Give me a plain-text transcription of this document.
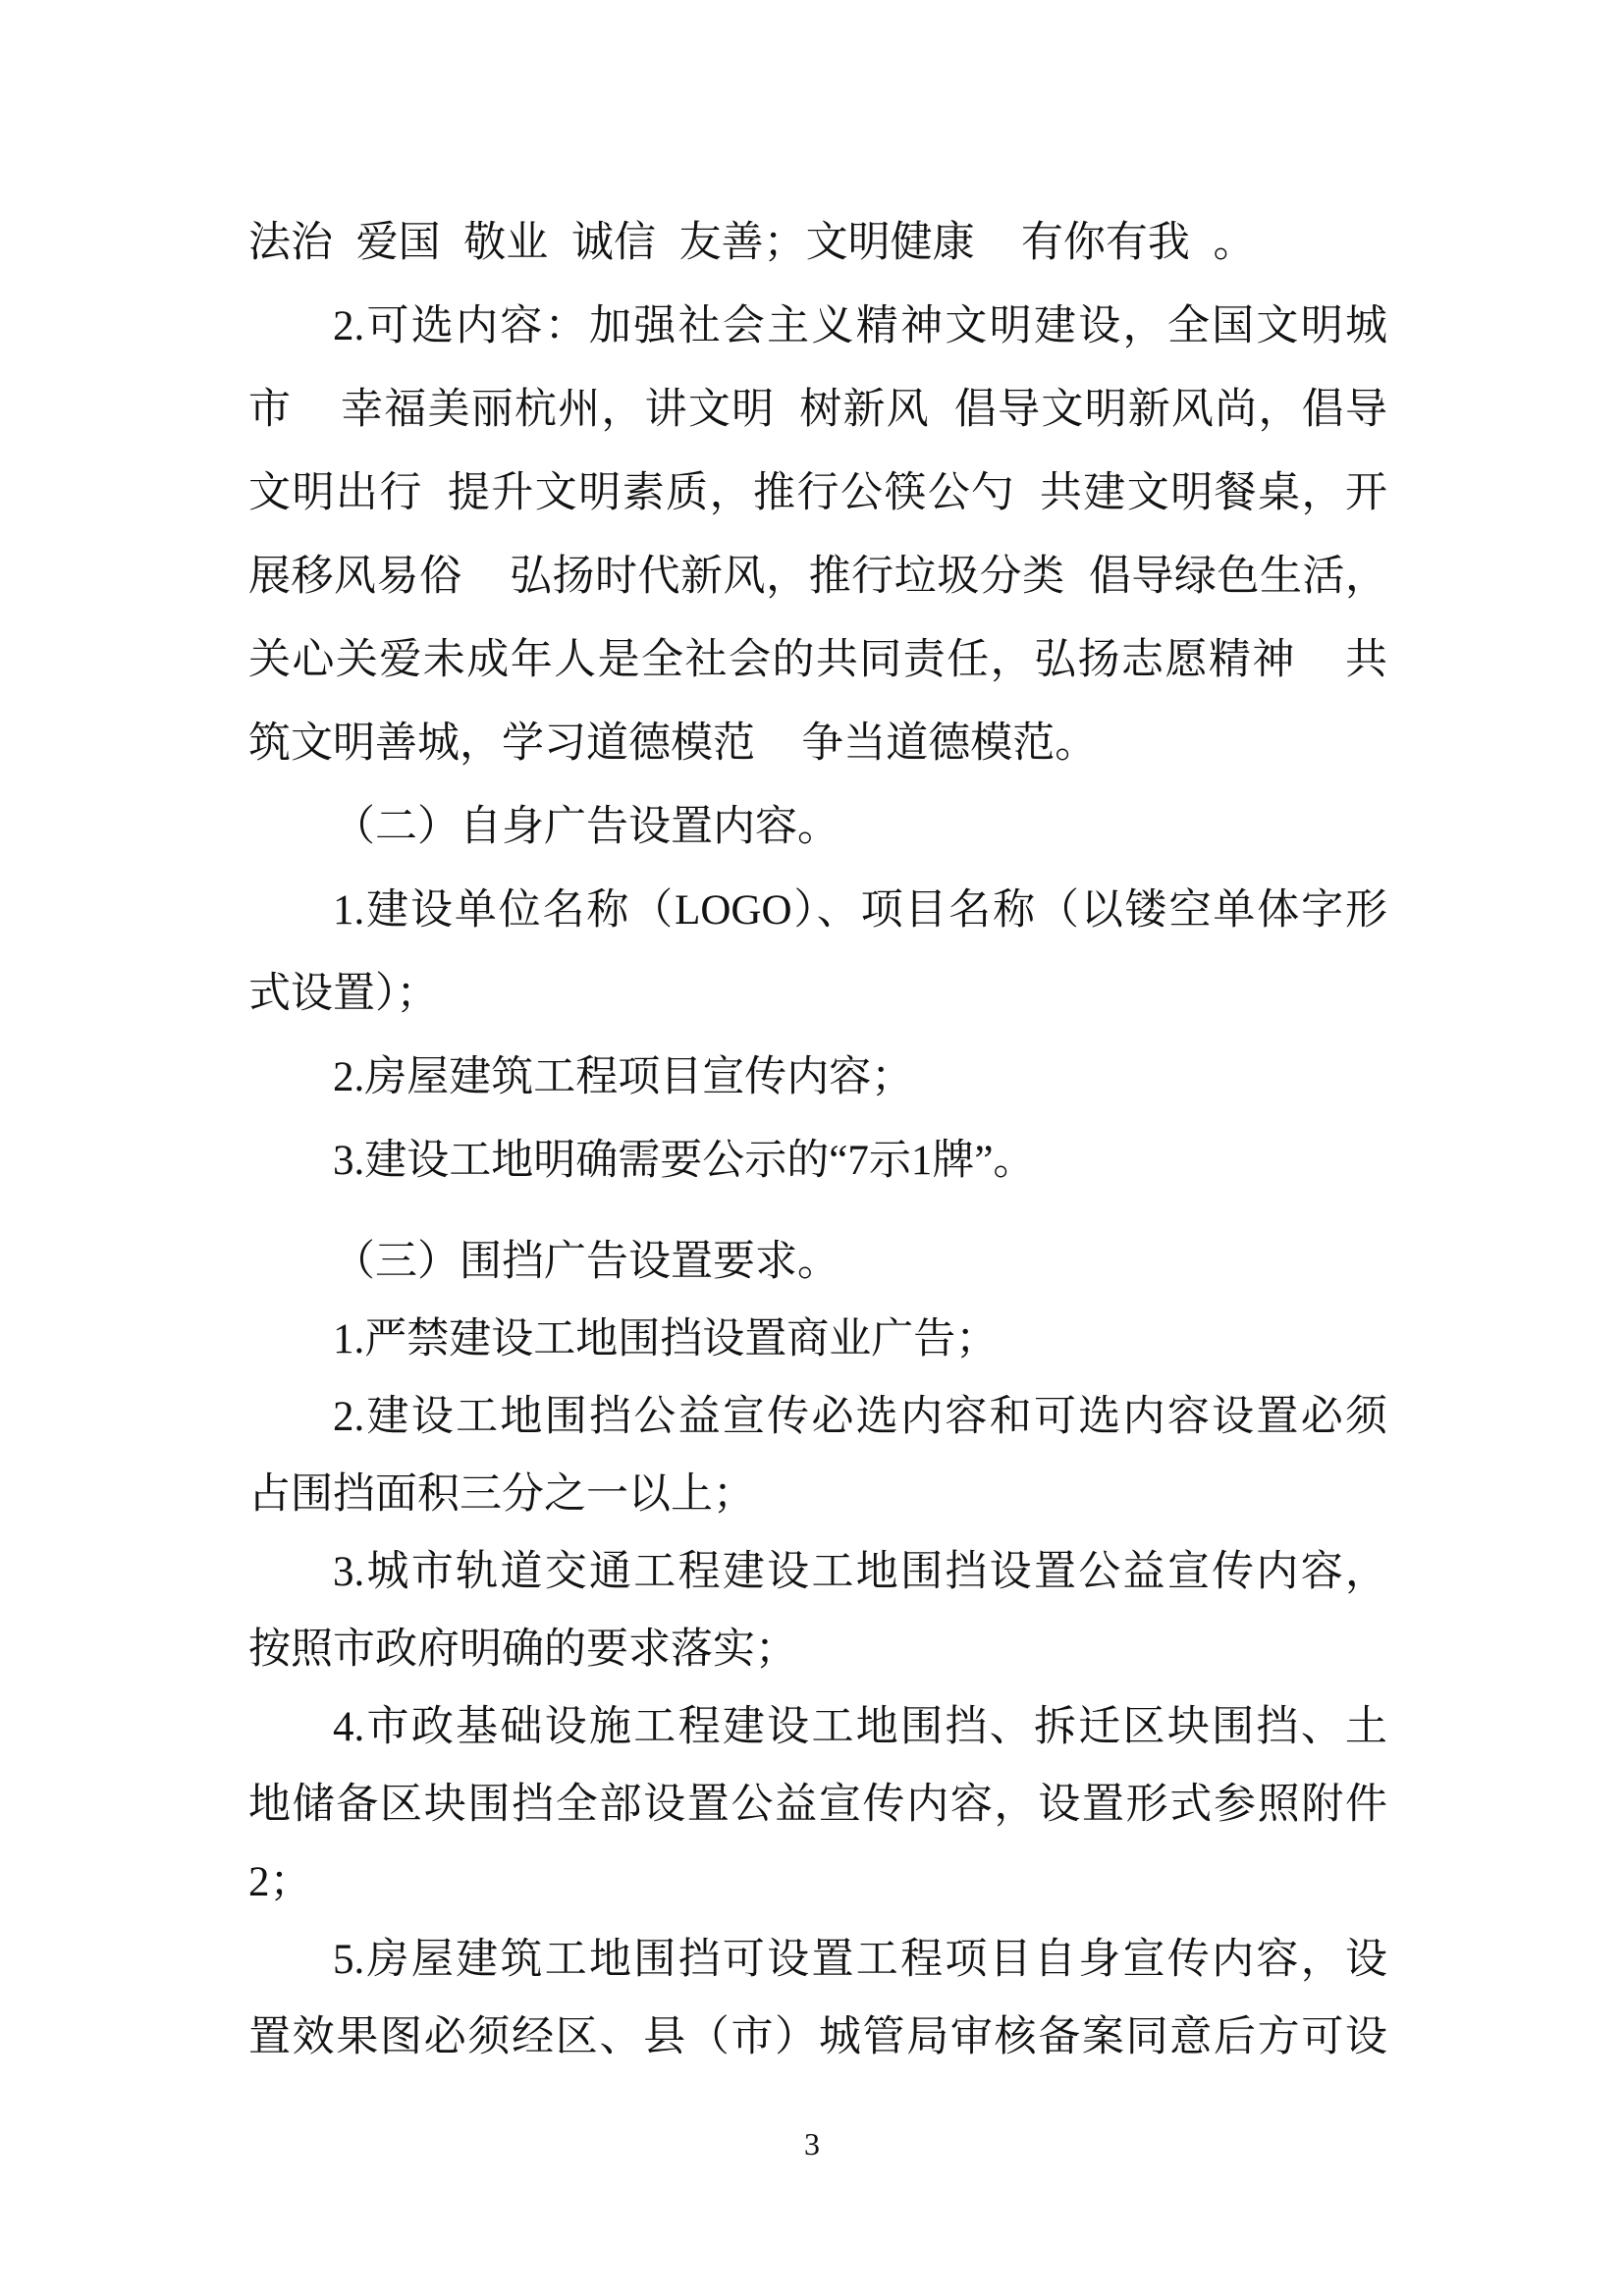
法治 爱国 敬业 诚信 友善；文明健康  有你有我 。
2.可选内容：加强社会主义精神文明建设，全国文明城
市  幸福美丽杭州，讲文明 树新风 倡导文明新风尚，倡导
文明出行 提升文明素质，推行公筷公勺 共建文明餐桌，开
展移风易俗  弘扬时代新风，推行垃圾分类 倡导绿色生活，
关心关爱未成年人是全社会的共同责任，弘扬志愿精神  共
筑文明善城，学习道德模范  争当道德模范。
（二）自身广告设置内容。
1.建设单位名称（LOGO）、项目名称（以镂空单体字形
式设置）；
2.房屋建筑工程项目宣传内容；
3.建设工地明确需要公示的“7示1牌”。
（三）围挡广告设置要求。
1.严禁建设工地围挡设置商业广告；
2.建设工地围挡公益宣传必选内容和可选内容设置必须
占围挡面积三分之一以上；
3.城市轨道交通工程建设工地围挡设置公益宣传内容，
按照市政府明确的要求落实；
4.市政基础设施工程建设工地围挡、拆迁区块围挡、土
地储备区块围挡全部设置公益宣传内容，设置形式参照附件
2；
5.房屋建筑工地围挡可设置工程项目自身宣传内容，设
置效果图必须经区、县（市）城管局审核备案同意后方可设
3
